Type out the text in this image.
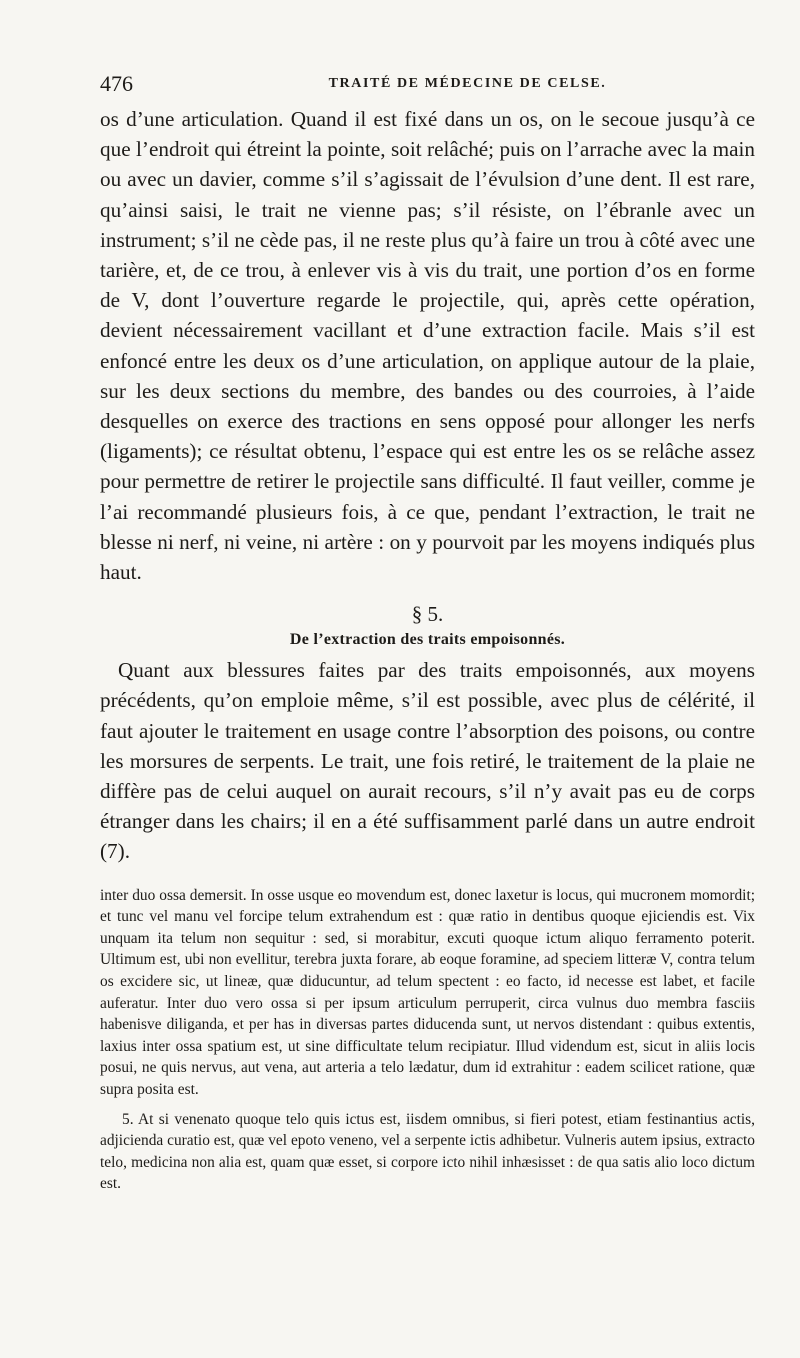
476	TRAITÉ DE MÉDECINE DE CELSE.

os d’une articulation. Quand il est fixé dans un os, on le secoue jusqu’à ce que l’endroit qui étreint la pointe, soit relâché; puis on l’arrache avec la main ou avec un davier, comme s’il s’agissait de l’évulsion d’une dent. Il est rare, qu’ainsi saisi, le trait ne vienne pas; s’il résiste, on l’ébranle avec un instrument; s’il ne cède pas, il ne reste plus qu’à faire un trou à côté avec une tarière, et, de ce trou, à enlever vis à vis du trait, une portion d’os en forme de V, dont l’ouverture regarde le projectile, qui, après cette opération, devient nécessairement vacillant et d’une extraction facile. Mais s’il est enfoncé entre les deux os d’une articulation, on applique autour de la plaie, sur les deux sections du membre, des bandes ou des courroies, à l’aide desquelles on exerce des tractions en sens opposé pour allonger les nerfs (ligaments); ce résultat obtenu, l’espace qui est entre les os se relâche assez pour permettre de retirer le projectile sans difficulté. Il faut veiller, comme je l’ai recommandé plusieurs fois, à ce que, pendant l’extraction, le trait ne blesse ni nerf, ni veine, ni artère : on y pourvoit par les moyens indiqués plus haut.

§ 5.
De l’extraction des traits empoisonnés.

Quant aux blessures faites par des traits empoisonnés, aux moyens précédents, qu’on emploie même, s’il est possible, avec plus de célérité, il faut ajouter le traitement en usage contre l’absorption des poisons, ou contre les morsures de serpents. Le trait, une fois retiré, le traitement de la plaie ne diffère pas de celui auquel on aurait recours, s’il n’y avait pas eu de corps étranger dans les chairs; il en a été suffisamment parlé dans un autre endroit (7).

inter duo ossa demersit. In osse usque eo movendum est, donec laxetur is locus, qui mucronem momordit; et tunc vel manu vel forcipe telum extrahendum est : quæ ratio in dentibus quoque ejiciendis est. Vix unquam ita telum non sequitur : sed, si morabitur, excuti quoque ictum aliquo ferramento poterit. Ultimum est, ubi non evellitur, terebra juxta forare, ab eoque foramine, ad speciem litteræ V, contra telum os excidere sic, ut lineæ, quæ diducuntur, ad telum spectent : eo facto, id necesse est labet, et facile auferatur. Inter duo vero ossa si per ipsum articulum perruperit, circa vulnus duo membra fasciis habenisve diliganda, et per has in diversas partes diducenda sunt, ut nervos distendant : quibus extentis, laxius inter ossa spatium est, ut sine difficultate telum recipiatur. Illud videndum est, sicut in aliis locis posui, ne quis nervus, aut vena, aut arteria a telo lædatur, dum id extrahitur : eadem scilicet ratione, quæ supra posita est.

5. At si venenato quoque telo quis ictus est, iisdem omnibus, si fieri potest, etiam festinantius actis, adjicienda curatio est, quæ vel epoto veneno, vel a serpente ictis adhibetur. Vulneris autem ipsius, extracto telo, medicina non alia est, quam quæ esset, si corpore icto nihil inhæsisset : de qua satis alio loco dictum est.
